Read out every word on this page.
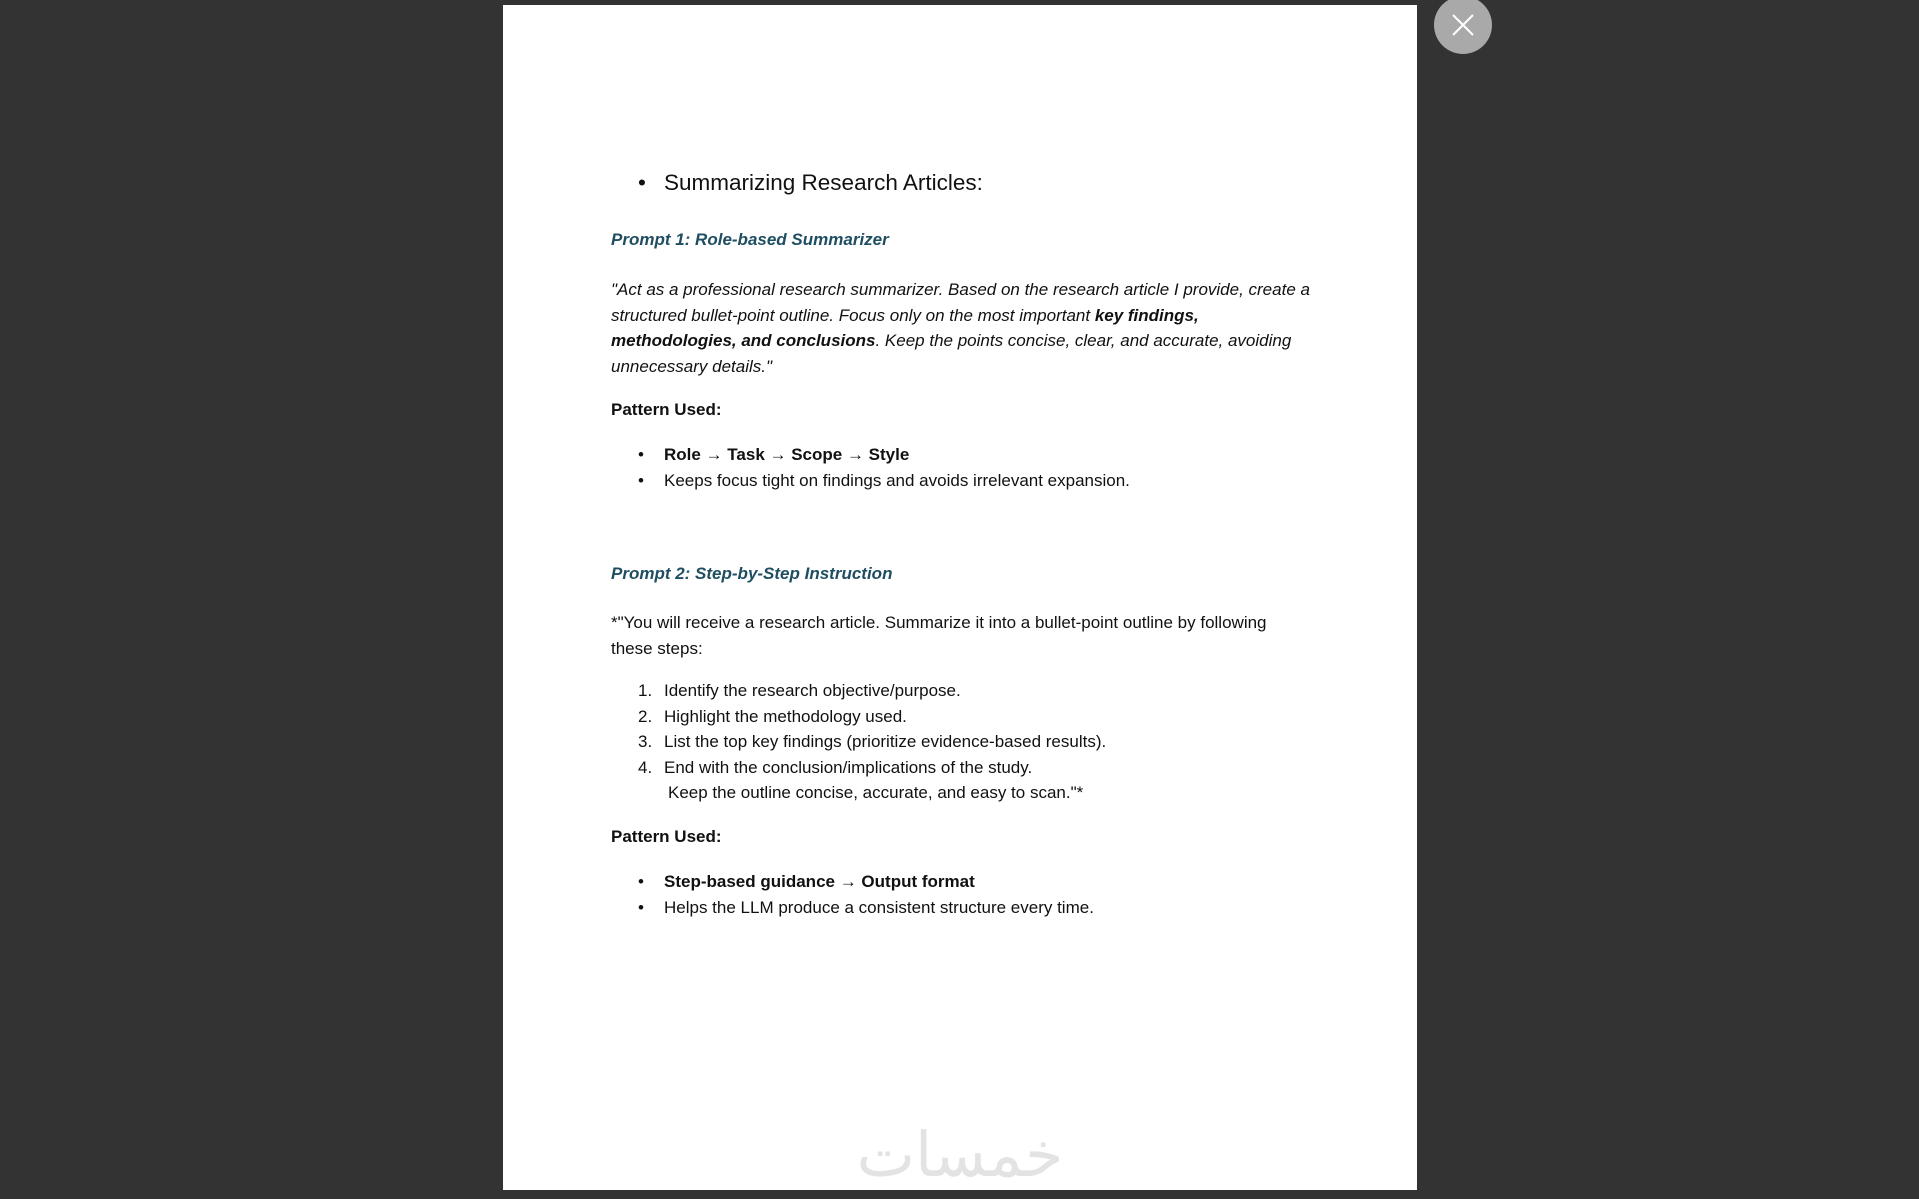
• Summarizing Research Articles:
Prompt 1: Role-based Summarizer
"Act as a professional research summarizer. Based on the research article I provide, create a structured bullet-point outline. Focus only on the most important key findings, methodologies, and conclusions. Keep the points concise, clear, and accurate, avoiding unnecessary details."
Pattern Used:
• Role → Task → Scope → Style
• Keeps focus tight on findings and avoids irrelevant expansion.
Prompt 2: Step-by-Step Instruction
*"You will receive a research article. Summarize it into a bullet-point outline by following these steps:
1. Identify the research objective/purpose.
2. Highlight the methodology used.
3. List the top key findings (prioritize evidence-based results).
4. End with the conclusion/implications of the study.
Keep the outline concise, accurate, and easy to scan."*
Pattern Used:
• Step-based guidance → Output format
• Helps the LLM produce a consistent structure every time.
خمسات
